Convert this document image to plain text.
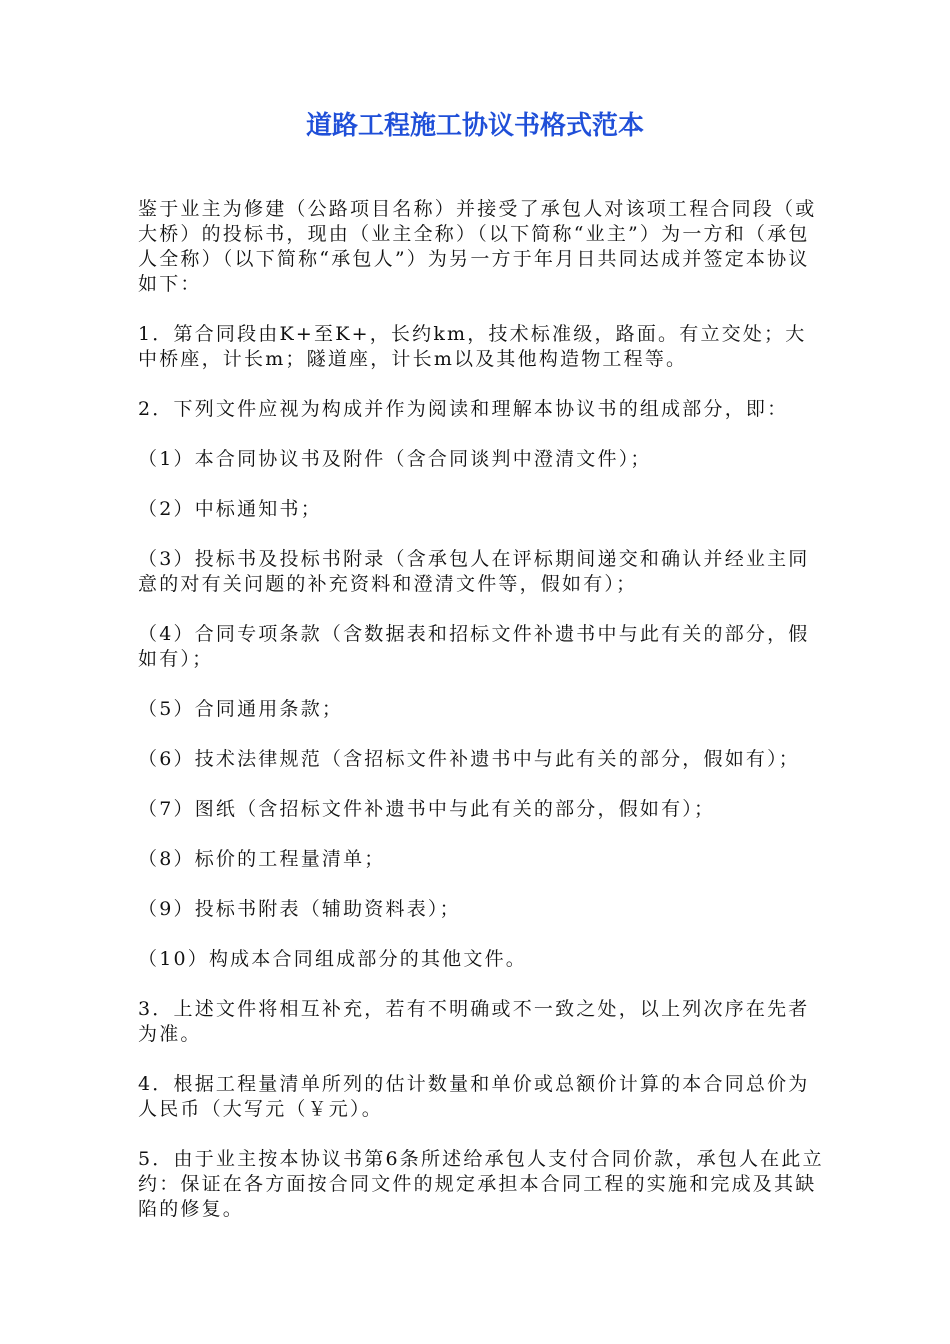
道路工程施工协议书格式范本

鉴于业主为修建（公路项目名称）并接受了承包人对该项工程合同段（或大桥）的投标书，现由（业主全称）（以下简称“业主”）为一方和（承包人全称）（以下简称“承包人”）为另一方于年月日共同达成并签定本协议如下：

1．第合同段由K+至K+，长约km，技术标准级，路面。有立交处；大中桥座，计长m；隧道座，计长m以及其他构造物工程等。

2．下列文件应视为构成并作为阅读和理解本协议书的组成部分，即：

（1）本合同协议书及附件（含合同谈判中澄清文件）；

（2）中标通知书；

（3）投标书及投标书附录（含承包人在评标期间递交和确认并经业主同意的对有关问题的补充资料和澄清文件等，假如有）；

（4）合同专项条款（含数据表和招标文件补遗书中与此有关的部分，假如有）；

（5）合同通用条款；

（6）技术法律规范（含招标文件补遗书中与此有关的部分，假如有）；

（7）图纸（含招标文件补遗书中与此有关的部分，假如有）；

（8）标价的工程量清单；

（9）投标书附表（辅助资料表）；

（10）构成本合同组成部分的其他文件。

3．上述文件将相互补充，若有不明确或不一致之处，以上列次序在先者为准。

4．根据工程量清单所列的估计数量和单价或总额价计算的本合同总价为人民币（大写元（￥元）。

5．由于业主按本协议书第6条所述给承包人支付合同价款，承包人在此立约：保证在各方面按合同文件的规定承担本合同工程的实施和完成及其缺陷的修复。
